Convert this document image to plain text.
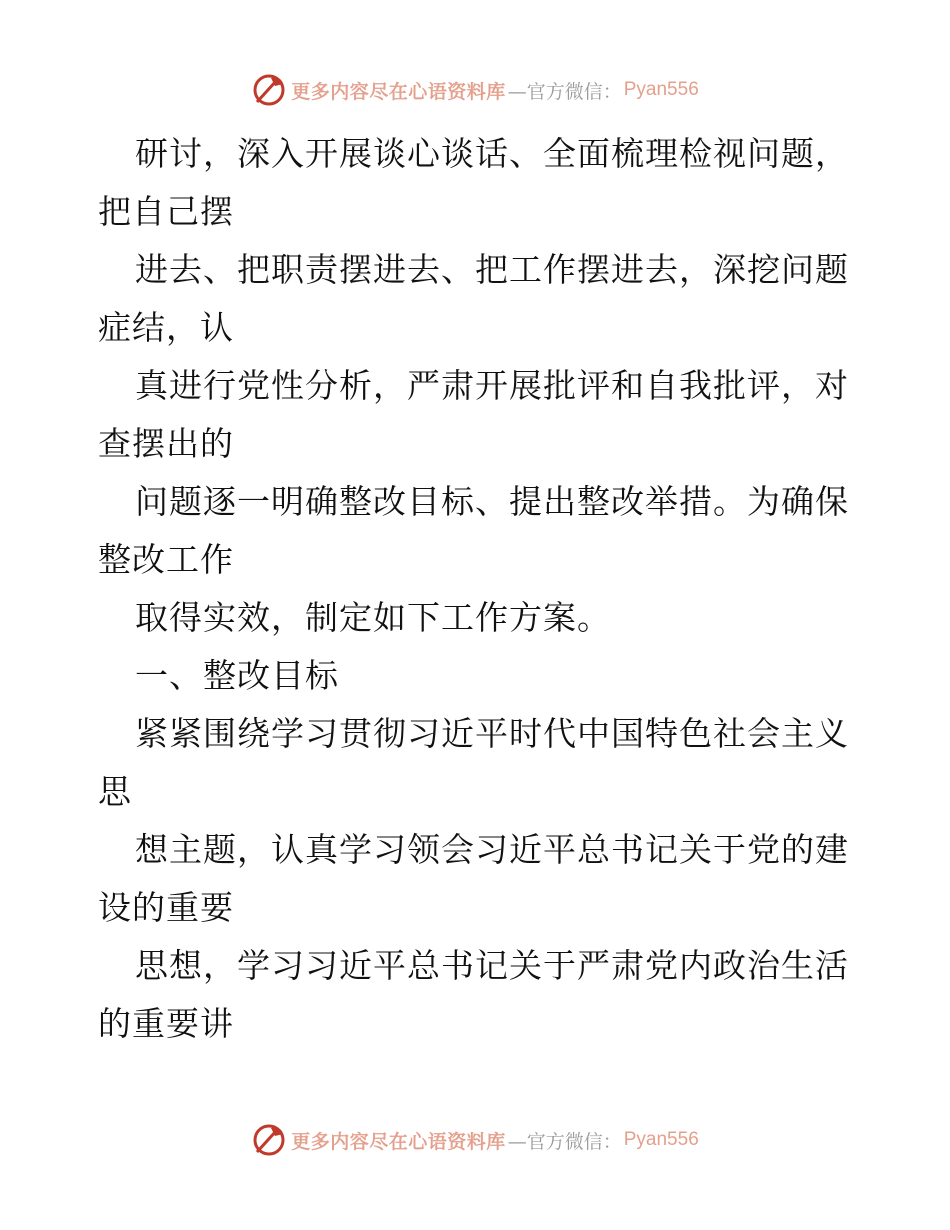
更多内容尽在心语资料库 —官方微信： Pyan556
研讨，深入开展谈心谈话、全面梳理检视问题，
把自己摆
进去、把职责摆进去、把工作摆进去，深挖问题
症结，认
真进行党性分析，严肃开展批评和自我批评，对
查摆出的
问题逐一明确整改目标、提出整改举措。为确保
整改工作
取得实效，制定如下工作方案。
一、整改目标
紧紧围绕学习贯彻习近平时代中国特色社会主义
思
想主题，认真学习领会习近平总书记关于党的建
设的重要
思想，学习习近平总书记关于严肃党内政治生活
的重要讲
更多内容尽在心语资料库 —官方微信： Pyan556
